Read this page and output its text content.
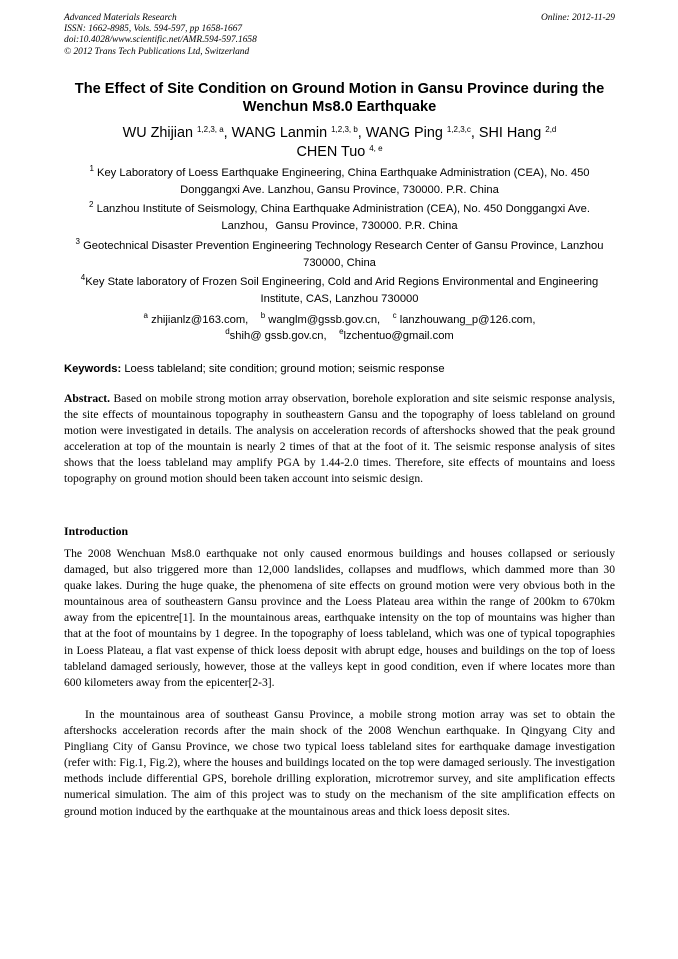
Advanced Materials Research
ISSN: 1662-8985, Vols. 594-597, pp 1658-1667
doi:10.4028/www.scientific.net/AMR.594-597.1658
© 2012 Trans Tech Publications Ltd, Switzerland
Online: 2012-11-29
The Effect of Site Condition on Ground Motion in Gansu Province during the Wenchun Ms8.0 Earthquake
WU Zhijian $^{1,2,3, a}$, WANG Lanmin $^{1,2,3, b}$, WANG Ping $^{1,2,3,c}$, SHI Hang $^{2,d}$
CHEN Tuo $^{4, e}$
$^1$ Key Laboratory of Loess Earthquake Engineering, China Earthquake Administration (CEA), No. 450 Donggangxi Ave. Lanzhou, Gansu Province, 730000. P.R. China
$^2$ Lanzhou Institute of Seismology, China Earthquake Administration (CEA), No. 450 Donggangxi Ave. Lanzhou，Gansu Province, 730000. P.R. China
$^3$ Geotechnical Disaster Prevention Engineering Technology Research Center of Gansu Province, Lanzhou 730000, China
$^4$Key State laboratory of Frozen Soil Engineering, Cold and Arid Regions Environmental and Engineering Institute, CAS, Lanzhou 730000
$^a$ zhijianlz@163.com, $^b$ wanglm@gssb.gov.cn, $^c$ lanzhouwang_p@126.com,
$^d$shih@ gssb.gov.cn, $^e$lzchentuo@gmail.com
Keywords: Loess tableland; site condition; ground motion; seismic response

Abstract. Based on mobile strong motion array observation, borehole exploration and site seismic response analysis, the site effects of mountainous topography in southeastern Gansu and the topography of loess tableland on ground motion were investigated in details. The analysis on acceleration records of aftershocks showed that the peak ground acceleration at top of the mountain is nearly 2 times of that at the foot of it. The seismic response analysis of sites shows that the loess tableland may amplify PGA by 1.44-2.0 times. Therefore, site effects of mountains and loess topography on ground motion should been taken account into seismic design.

Introduction

The 2008 Wenchuan Ms8.0 earthquake not only caused enormous buildings and houses collapsed or seriously damaged, but also triggered more than 12,000 landslides, collapses and mudflows, which dammed more than 30 quake lakes. During the huge quake, the phenomena of site effects on ground motion were very obvious both in the mountainous area of southeastern Gansu province and the Loess Plateau area within the range of 200km to 670km away from the epicentre[1]. In the mountainous areas, earthquake intensity on the top of mountains was higher than that at the foot of mountains by 1 degree. In the topography of loess tableland, which was one of typical topographies in Loess Plateau, a flat vast expense of thick loess deposit with abrupt edge, houses and buildings on the top of loess tableland damaged seriously, however, those at the valleys kept in good condition, even if where locates more than 600 kilometers away from the epicenter[2-3].

In the mountainous area of southeast Gansu Province, a mobile strong motion array was set to obtain the aftershocks acceleration records after the main shock of the 2008 Wenchun earthquake. In Qingyang City and Pingliang City of Gansu Province, we chose two typical loess tableland sites for earthquake damage investigation (refer with: Fig.1, Fig.2), where the houses and buildings located on the top were damaged seriously. The investigation methods include differential GPS, borehole drilling exploration, microtremor survey, and site amplification effects numerical simulation. The aim of this project was to study on the mechanism of the site amplification effects on ground motion induced by the earthquake at the mountainous areas and thick loess deposit sites.
